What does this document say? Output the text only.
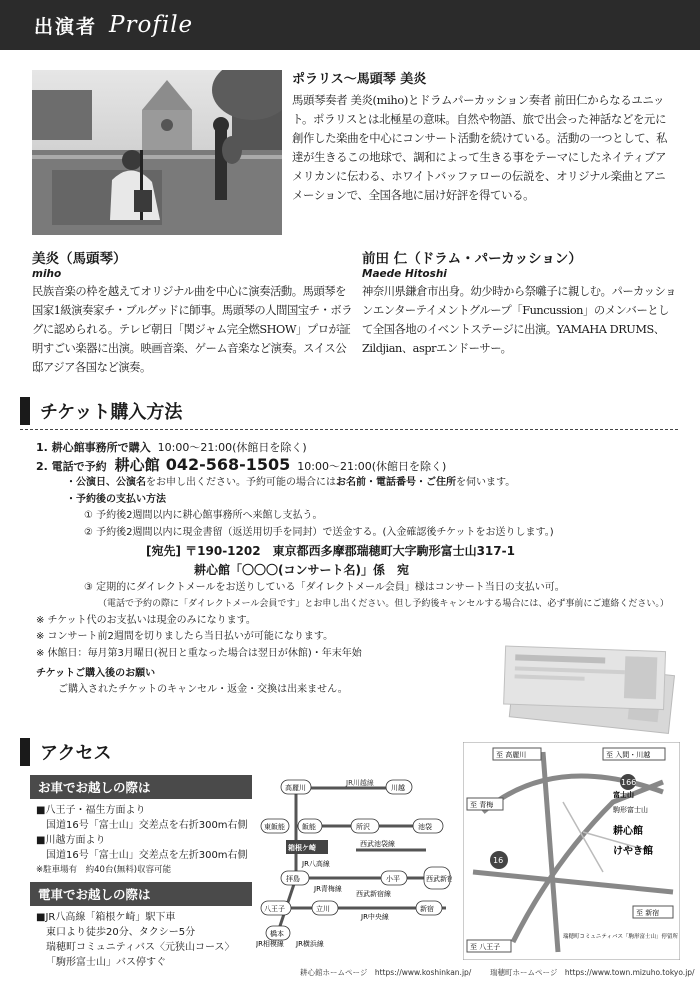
出演者 Profile
ポラリス〜馬頭琴 美炎

馬頭琴奏者 美炎(miho)とドラムパーカッション奏者 前田仁からなるユニット。ポラリスとは北極星の意味。自然や物語、旅で出会った神話などを元に創作した楽曲を中心にコンサート活動を続けている。活動の一つとして、私達が生きるこの地球で、調和によって生きる事をテーマにしたネイティブアメリカンに伝わる、ホワイトバッファローの伝説を、オリジナル楽曲とアニメーションで、全国各地に届け好評を得ている。

美炎（馬頭琴）
miho

民族音楽の枠を越えてオリジナル曲を中心に演奏活動。馬頭琴を国家1級演奏家チ・ブルグッドに師事。馬頭琴の人間国宝チ・ボラグに認められる。テレビ朝日「関ジャム完全燃SHOW」プロが証明すごい楽器に出演。映画音楽、ゲーム音楽など演奏。スイス公邸アジア各国など演奏。

前田 仁（ドラム・パーカッション）
Maede Hitoshi

神奈川県鎌倉市出身。幼少時から祭囃子に親しむ。パーカッションエンターテイメントグループ「Funcussion」のメンバーとして全国各地のイベントステージに出演。YAMAHA DRUMS、Zildjian、asprエンドーサー。

チケット購入方法
1. 耕心館事務所で購入 10:00～21:00(休館日を除く)
2. 電話で予約 耕心館 042-568-1505 10:00～21:00(休館日を除く)
・公演日、公演名をお申し出ください。予約可能の場合にはお名前・電話番号・ご住所を伺います。
・予約後の支払い方法
① 予約後2週間以内に耕心館事務所へ来館し支払う。
② 予約後2週間以内に現金書留（返送用切手を同封）で送金する。(入金確認後チケットをお送りします。)
[宛先] 〒190-1202　東京都西多摩郡瑞穂町大字駒形富士山317-1
耕心館「〇〇〇(コンサート名)」係　宛
③ 定期的にダイレクトメールをお送りしている「ダイレクトメール会員」様はコンサート当日の支払い可。
（電話で予約の際に「ダイレクトメール会員です」とお申し出ください。但し予約後キャンセルする場合には、必ず事前にご連絡ください。）
※ チケット代のお支払いは現金のみになります。
※ コンサート前2週間を切りましたら当日払いが可能になります。
※ 休館日：毎月第3月曜日(祝日と重なった場合は翌日が休館)・年末年始
チケットご購入後のお願い
ご購入されたチケットのキャンセル・返金・交換は出来ません。
アクセス
お車でお越しの際は
■八王子・福生方面より
国道16号「富士山」交差点を右折300m右側
■川越方面より
国道16号「富士山」交差点を左折300m右側
※駐車場有　約40台(無料)収容可能
電車でお越しの際は
■JR八高線「箱根ケ崎」駅下車
東口より徒歩20分、タクシー5分
瑞穂町コミュニティバス〈元狭山コース〉
「駒形富士山」バス停すぐ
JR川越線
箱根ケ崎
高麗川	川越
東飯能 飯能	所沢	池袋
西武池袋線
JR八高線
拝島
JR青梅線
小平
西武新宿線
西武新宿
八王子	立川
JR中央線
新宿
橋本
JR相模線 JR横浜線
至 高麗川	至 入間・川越
至 青梅
富士山
166
16
駒形富士山
耕心館
けやき館
至 八王子
至 新宿
瑞穂町コミュニティバス「駒形富士山」停留所
耕心館ホームページ　https://www.koshinkan.jp/ 瑞穂町ホームページ　https://www.town.mizuho.tokyo.jp/
